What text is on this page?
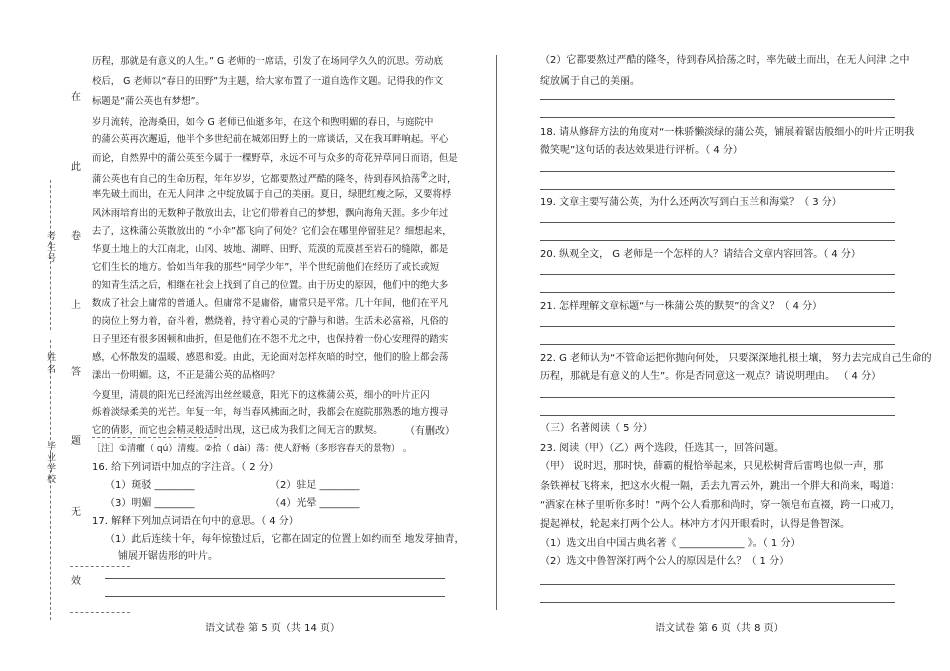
在
此
卷
上
答
题
无
效
考
生
号
姓
名
毕
业
学
校
历程，那就是有意义的人生。” G 老师的一席话，引发了在场同学久久的沉思。劳动底
校后， G 老师以“春日的田野”为主题，给大家布置了一道自选作文题。记得我的作文
标题是“蒲公英也有梦想”。
岁月流转，沧海桑田，如今 G 老师已仙逝多年，在这个和煦明媚的春日，与庭院中
的蒲公英再次邂逅，他半个多世纪前在城郊田野上的一席谈话，又在我耳畔响起。平心
而论，自然界中的蒲公英至今属于一棵野草，永远不可与众多的奇花异草同日而语，但是
蒲公英也有自己的生命历程，年年岁岁，它都要熬过严酷的隆冬，待到春风拾荡②之时，
率先破土而出，在无人问津 之中绽放属于自己的美丽。夏日，绿肥红瘦之际，又要将桴
风沐雨培育出的无数种子散放出去，让它们带着自己的梦想，飘向海角天涯。多少年过
去了，这株蒲公英散放出的 “小伞”都飞向了何处？它们会在哪里停留驻足？细想起来，
华夏土地上的大江南北，山冈、坡地、湖畔、田野、荒漠的荒漠甚至岩石的缝隙，都是
它们生长的地方。恰如当年我的那些“同学少年”，半个世纪前他们在经历了或长或短
的知青生活之后，相继在社会上找到了自己的位置。由于历史的原因，他们中的绝大多
数成了社会上庸常的普通人。但庸常不是庸俗，庸常只是平常。几十年间，他们在平凡
的岗位上努力着，奋斗着，燃烧着，持守着心灵的宁静与和谐。生活未必富裕，凡俗的
日子里还有很多困顿和曲折，但是他们在不怨不尤之中，也保持着一份心安理得的踏实
感，心怀散发的温暖、感恩和爱。由此，无论面对怎样灰暗的时空，他们的脸上都会荡
漾出一份明媚。这，不正是蒲公英的品格吗？
今夏里，清晨的阳光已经流泻出丝丝暖意，阳光下的这株蒲公英，细小的叶片正闪
烁着淡绿柔美的光芒。年复一年，每当春风拂面之时，我都会在庭院那熟悉的地方搜寻
它的倩影，而它也会精灵般适时出现，这已成为我们之间无言的默契。 （有删改）
（2）它都要熬过严酷的隆冬，待到春风拾荡之时，率先破土而出，在无人问津 之中
绽放属于自己的美丽。
18. 请从修辞方法的角度对“一株骄懒淡绿的蒲公英，铺展着锯齿般细小的叶片正明我
微笑呢”这句话的表达效果进行评析。（ 4 分）
19. 文章主要写蒲公英，为什么还两次写到白玉兰和海棠？（ 3 分）
20. 纵观全文， G 老师是一个怎样的人？请结合文章内容回答。（ 4 分）
21. 怎样理解文章标题“与一株蒲公英的默契”的含义？（ 4 分）
22. G 老师认为“不管命运把你抛向何处， 只要深深地扎根土壤， 努力去完成自己生命的
历程，那就是有意义的人生”。你是否同意这一观点？请说明理由。 （ 4 分）
（三）名著阅读（ 5 分）
23. 阅读（甲）（乙）两个选段，任选其一，回答问题。
（甲） 说时迟，那时快，薛霸的棍恰举起来，只见松树背后雷鸣也似一声，那
条铁禅杖飞将来，把这水火棍一隔，丢去九霄云外，跳出一个胖大和尚来，喝道：
“洒家在林子里听你多时！”两个公人看那和尚时，穿一领皂布直裰，跨一口戒刀，
提起禅杖，轮起来打两个公人。林冲方才闪开眼看时，认得是鲁智深。
（1）选文出自中国古典名著《 _____________ 》。（ 1 分）
（2）选文中鲁智深打两个公人的原因是什么？（ 1 分）
语文试卷 第 6 页（共 8 页）
［注］①清癯（ qú）清瘦。②拾（ dài）荡：使人舒畅（多形容春天的景物） 。
16. 给下列词语中加点的字注音。（ 2 分）
（1）斑驳 ________	（2）驻足 ________
（3）明媚 ________	（4）光晕 ________
17. 解释下列加点词语在句中的意思。（ 4 分）
（1）此后连续十年，每年惊蛰过后，它都在固定的位置上如约而至 地发芽抽青，
铺展开锯齿形的叶片。
语文试卷 第 5 页（共 14 页）
